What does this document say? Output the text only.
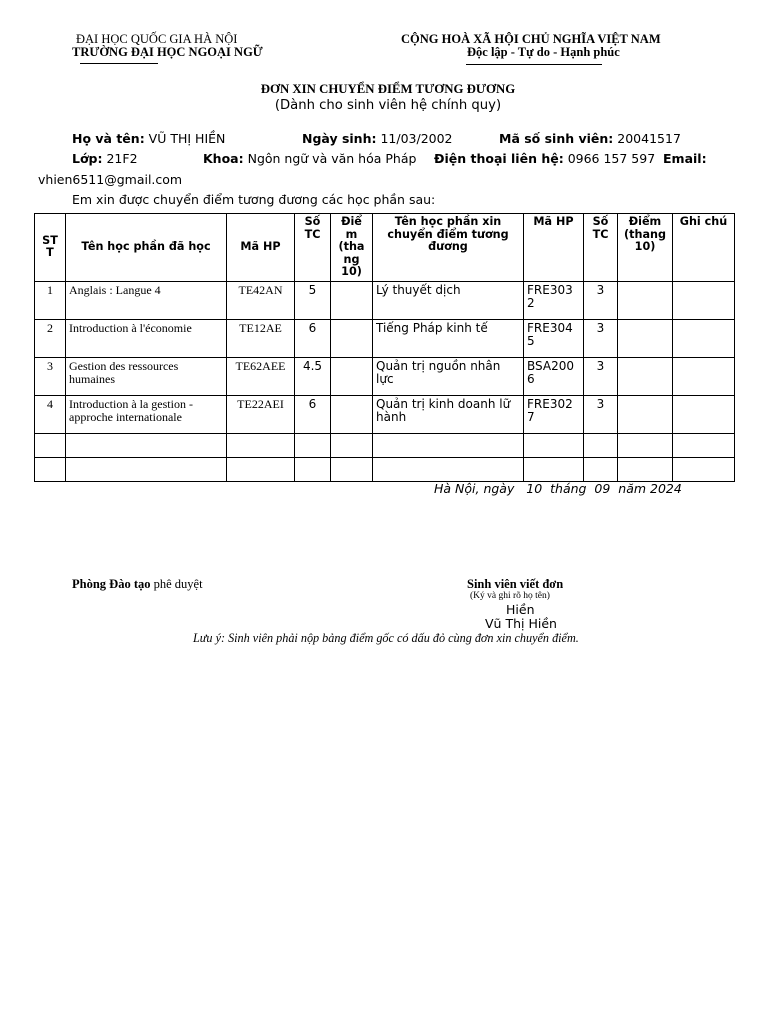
ĐẠI HỌC QUỐC GIA HÀ NỘI
TRƯỜNG ĐẠI HỌC NGOẠI NGỮ
CỘNG HOÀ XÃ HỘI CHỦ NGHĨA VIỆT NAM
Độc lập - Tự do - Hạnh phúc
ĐƠN XIN CHUYỂN ĐIỂM TƯƠNG ĐƯƠNG
(Dành cho sinh viên hệ chính quy)
Họ và tên: VŨ THỊ HIỀN	Ngày sinh: 11/03/2002	Mã số sinh viên: 20041517
Lớp: 21F2	Khoa: Ngôn ngữ và văn hóa Pháp Điện thoại liên hệ: 0966 157 597 Email:
vhien6511@gmail.com
Em xin được chuyển điểm tương đương các học phần sau:
ST T	Tên học phần đã học	Mã HP	Số TC	Điể m (tha ng 10)	Tên học phần xin chuyển điểm tương đương	Mã HP	Số TC	Điểm (thang 10)	Ghi chú
1	Anglais : Langue 4	TE42AN	5		Lý thuyết dịch	FRE303 2	3		
2	Introduction à l'économie	TE12AE	6		Tiếng Pháp kinh tế	FRE304 5	3		
3	Gestion des ressources humaines	TE62AEE	4.5		Quản trị nguồn nhân lực	BSA200 6	3		
4	Introduction à la gestion - approche internationale	TE22AEI	6		Quản trị kinh doanh lữ hành	FRE302 7	3		

Hà Nội, ngày   10  tháng  09  năm 2024
Phòng Đào tạo phê duyệt	Sinh viên viết đơn
(Ký và ghi rõ họ tên)
Hiền
Vũ Thị Hiền
Lưu ý: Sinh viên phải nộp bảng điểm gốc có dấu đỏ cùng đơn xin chuyển điểm.
